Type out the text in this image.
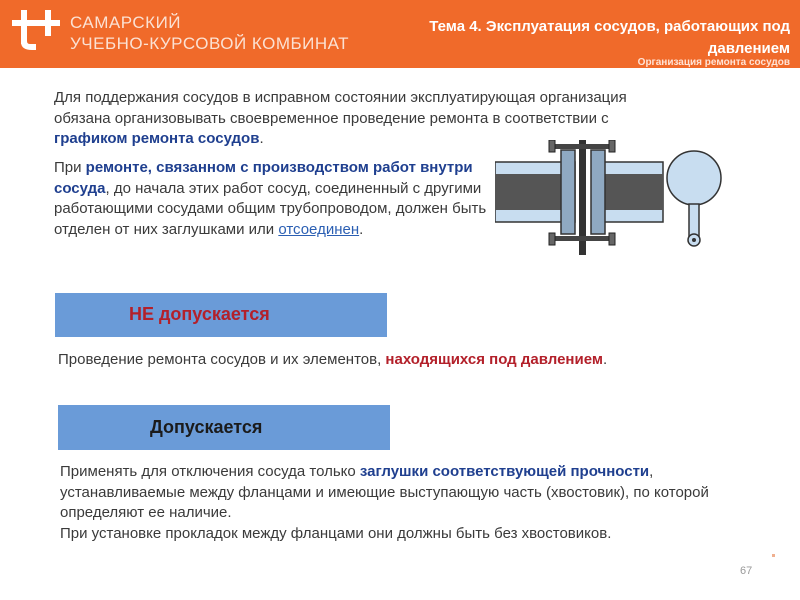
САМАРСКИЙ
УЧЕБНО-КУРСОВОЙ КОМБИНАТ
Тема 4. Эксплуатация сосудов, работающих под давлением
Организация ремонта сосудов
Для поддержания сосудов в исправном состоянии эксплуатирующая организация обязана организовывать своевременное проведение ремонта в соответствии с графиком ремонта сосудов.
При ремонте, связанном с производством работ внутри сосуда, до начала этих работ сосуд, соединенный с другими работающими сосудами общим трубопроводом, должен быть отделен от них заглушками или отсоединен.
НЕ допускается
Проведение ремонта сосудов и их элементов, находящихся под давлением.
Допускается
Применять для отключения сосуда только заглушки соответствующей прочности, устанавливаемые между фланцами и имеющие выступающую часть (хвостовик), по которой определяют ее наличие.
При установке прокладок между фланцами они должны быть без хвостовиков.
67
